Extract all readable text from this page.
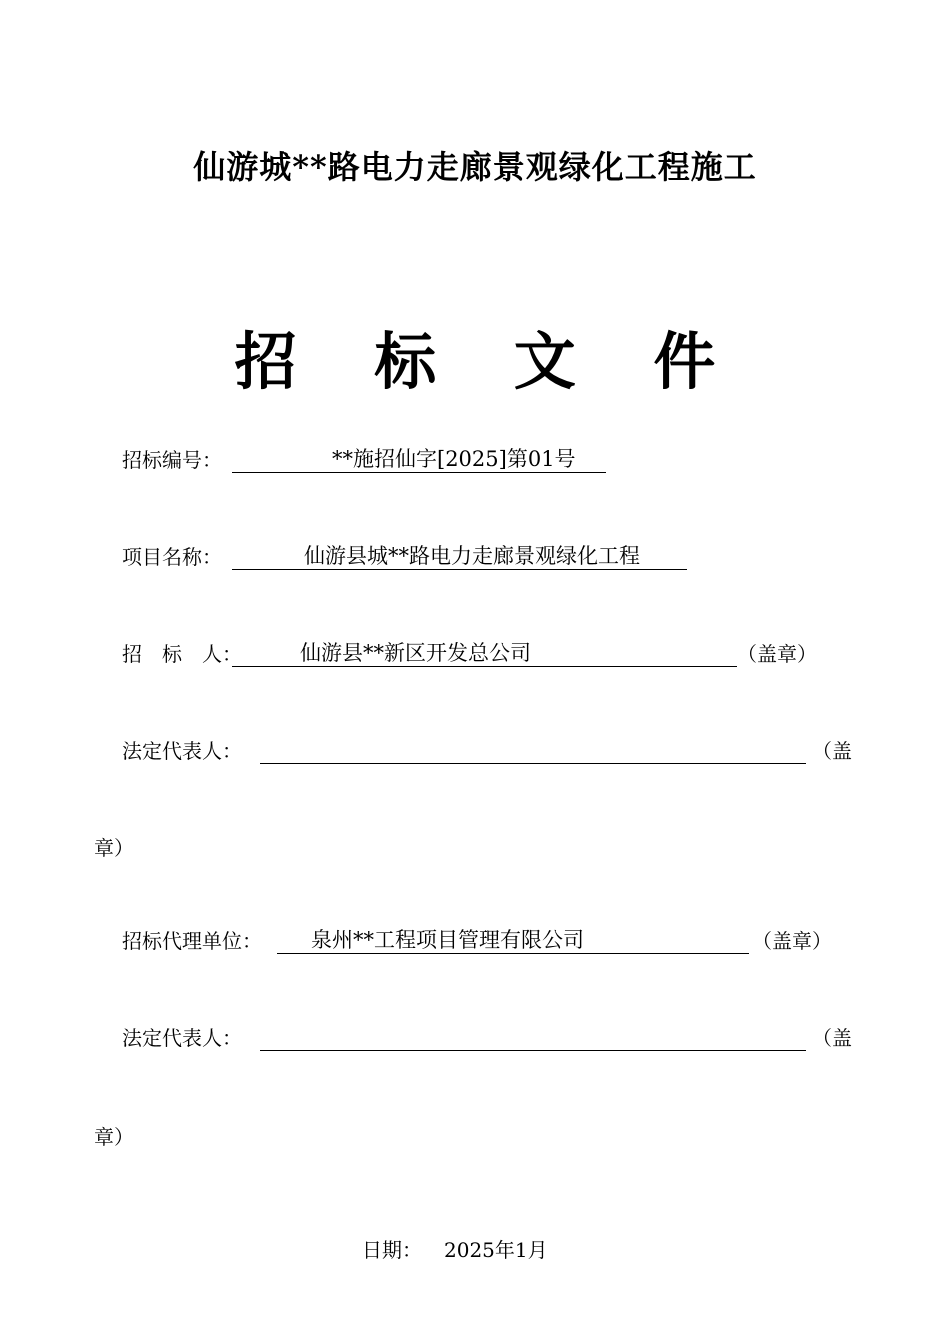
仙游城**路电力走廊景观绿化工程施工
招 标 文 件
招标编号：	**施招仙字[2025]第01号
项目名称：	仙游县城**路电力走廊景观绿化工程
招 标 人：	仙游县**新区开发总公司	（盖章）
法定代表人：	（盖
章）
招标代理单位： 泉州**工程项目管理有限公司	（盖章）
法定代表人：	（盖
章）
日期： 2025年1月
